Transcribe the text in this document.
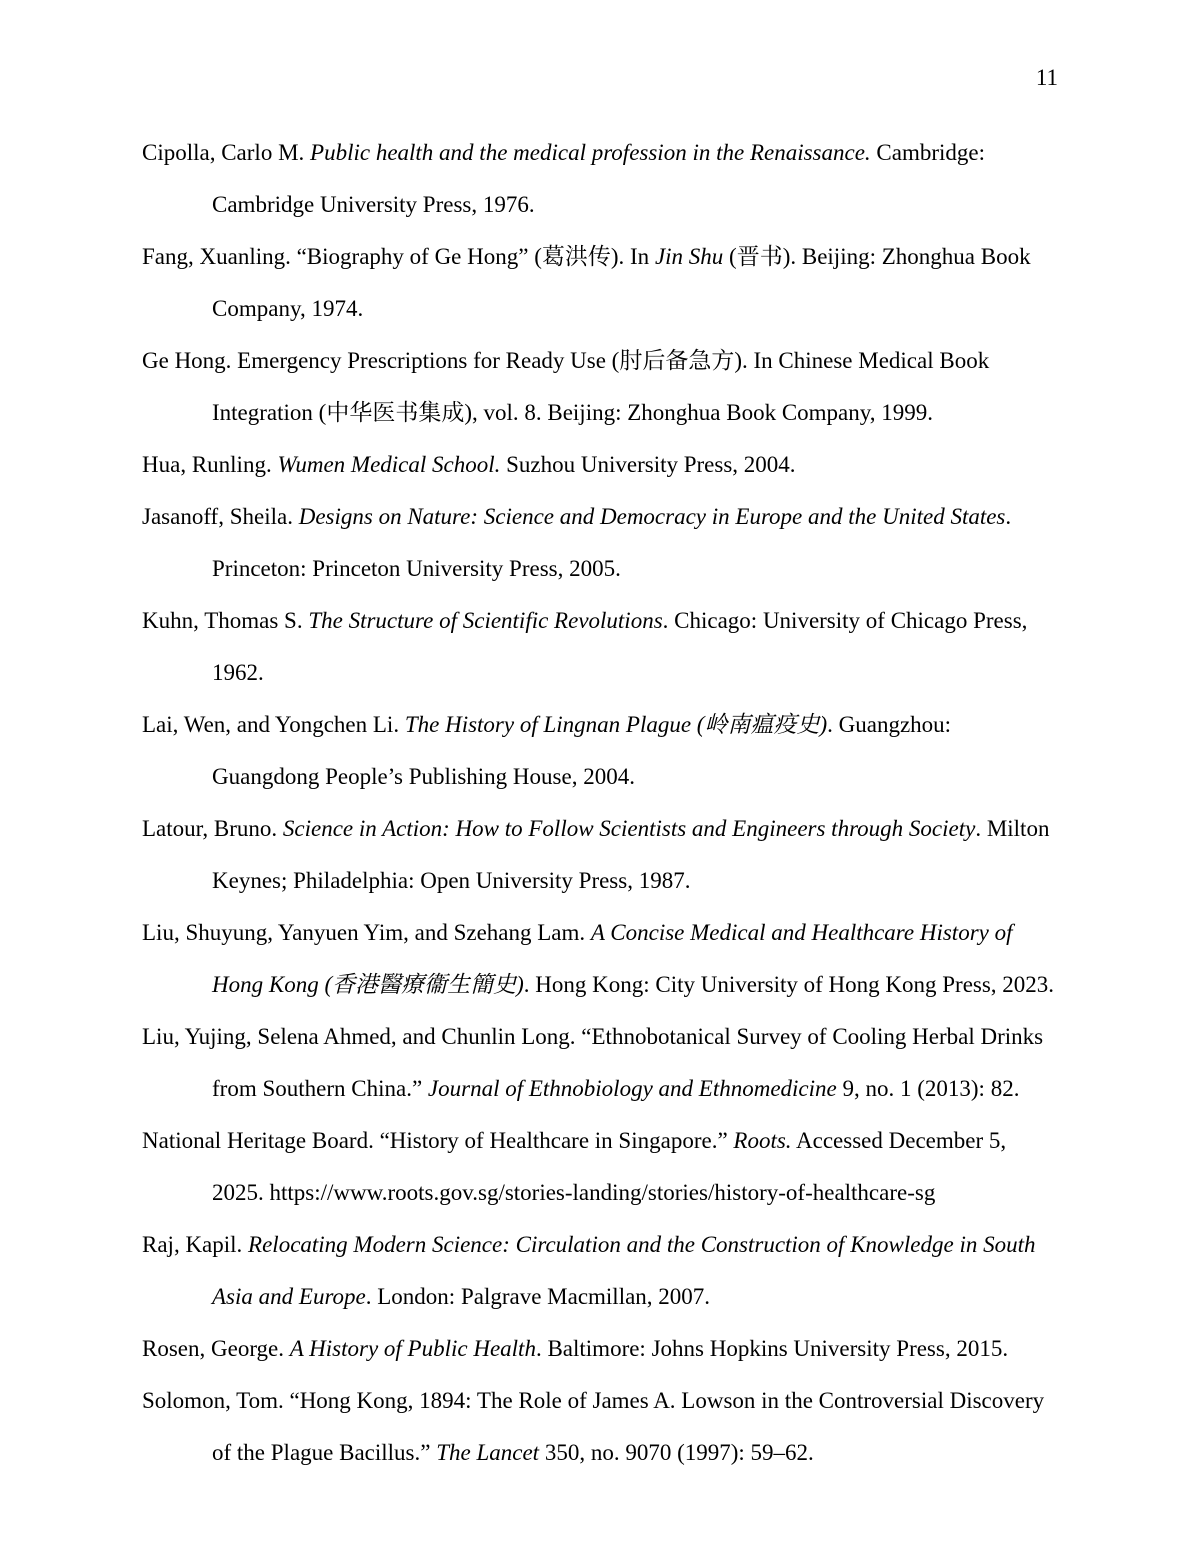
11

Cipolla, Carlo M. Public health and the medical profession in the Renaissance. Cambridge: Cambridge University Press, 1976.

Fang, Xuanling. “Biography of Ge Hong” (葛洪传). In Jin Shu (晋书). Beijing: Zhonghua Book Company, 1974.

Ge Hong. Emergency Prescriptions for Ready Use (肘后备急方). In Chinese Medical Book Integration (中华医书集成), vol. 8. Beijing: Zhonghua Book Company, 1999.

Hua, Runling. Wumen Medical School. Suzhou University Press, 2004.

Jasanoff, Sheila. Designs on Nature: Science and Democracy in Europe and the United States. Princeton: Princeton University Press, 2005.

Kuhn, Thomas S. The Structure of Scientific Revolutions. Chicago: University of Chicago Press, 1962.

Lai, Wen, and Yongchen Li. The History of Lingnan Plague (岭南瘟疫史). Guangzhou: Guangdong People’s Publishing House, 2004.

Latour, Bruno. Science in Action: How to Follow Scientists and Engineers through Society. Milton Keynes; Philadelphia: Open University Press, 1987.

Liu, Shuyung, Yanyuen Yim, and Szehang Lam. A Concise Medical and Healthcare History of Hong Kong (香港醫療衞生簡史). Hong Kong: City University of Hong Kong Press, 2023.

Liu, Yujing, Selena Ahmed, and Chunlin Long. “Ethnobotanical Survey of Cooling Herbal Drinks from Southern China.” Journal of Ethnobiology and Ethnomedicine 9, no. 1 (2013): 82.

National Heritage Board. “History of Healthcare in Singapore.” Roots. Accessed December 5, 2025. https://www.roots.gov.sg/stories-landing/stories/history-of-healthcare-sg

Raj, Kapil. Relocating Modern Science: Circulation and the Construction of Knowledge in South Asia and Europe. London: Palgrave Macmillan, 2007.

Rosen, George. A History of Public Health. Baltimore: Johns Hopkins University Press, 2015.

Solomon, Tom. “Hong Kong, 1894: The Role of James A. Lowson in the Controversial Discovery of the Plague Bacillus.” The Lancet 350, no. 9070 (1997): 59–62.
